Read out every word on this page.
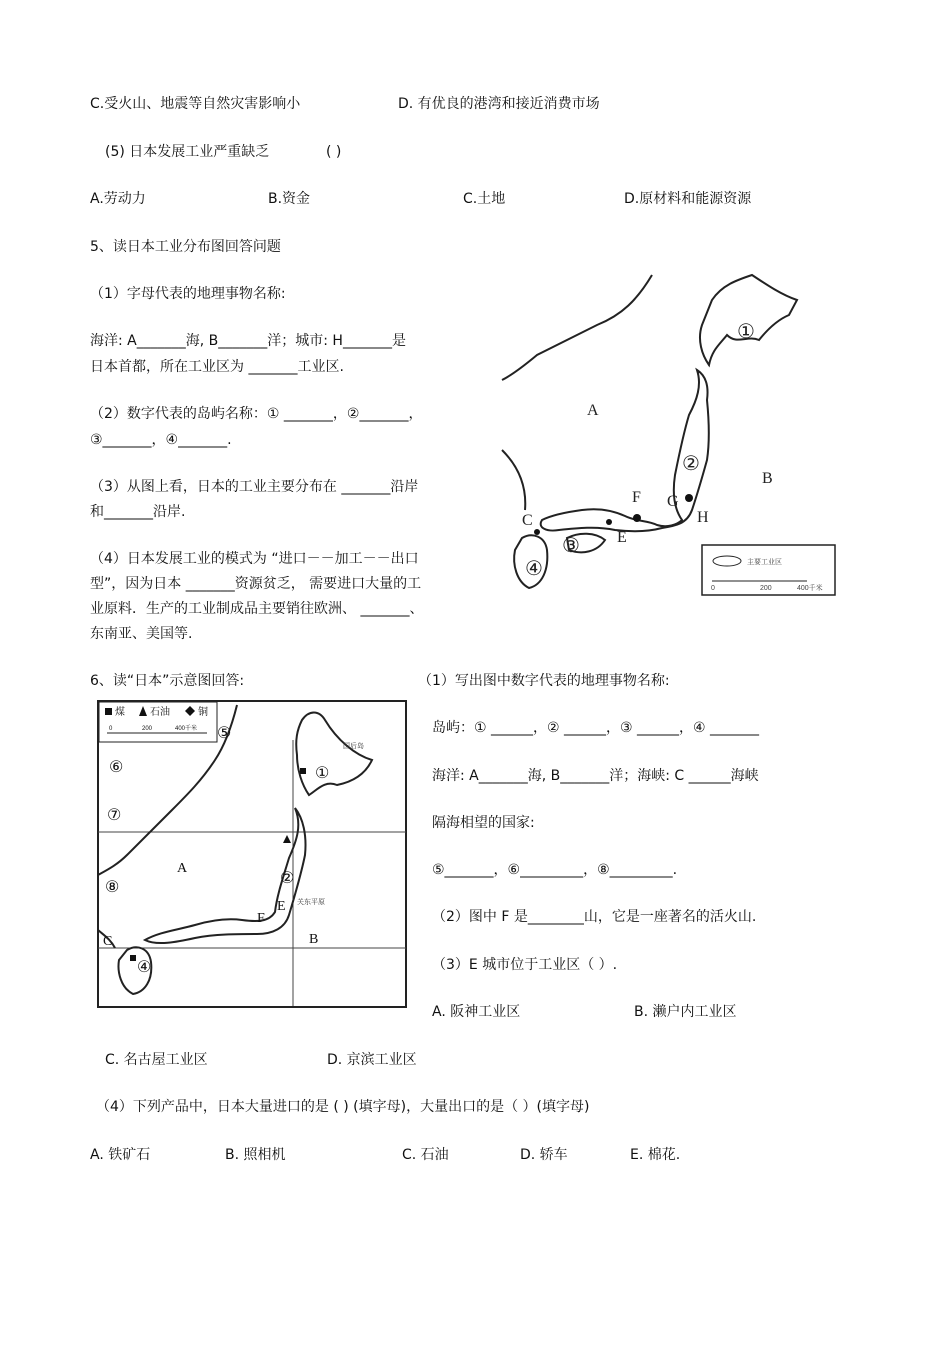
C.受火山、地震等自然灾害影响小	D. 有优良的港湾和接近消费市场
(5) 日本发展工业严重缺乏	( )
A.劳动力	B.资金	C.土地	D.原材料和能源资源
5、读日本工业分布图回答问题
（1）字母代表的地理事物名称:
海洋: A_______海, B_______洋；城市: H_______是
日本首都，所在工业区为 _______工业区.
（2）数字代表的岛屿名称：① _______，②_______，
③_______，④_______.
（3）从图上看，日本的工业主要分布在 _______沿岸
和_______沿岸.
（4）日本发展工业的模式为 “进口－－加工－－出口
型”，因为日本 _______资源贫乏， 需要进口大量的工
业原料．生产的工业制成品主要销往欧洲、 _______、
东南亚、美国等.
A
B
C
E
F G
H
①
②
③
④	主要工业区
0	200	400千米
6、读“日本”示意图回答:	（1）写出图中数字代表的地理事物名称:
岛屿：① ______，② ______，③ ______，④ _______
海洋: A_______海, B_______洋；海峡: C ______海峡
隔海相望的国家:
⑤_______，⑥_________，⑧_________.
（2）图中 F 是________山，它是一座著名的活火山.
（3）E 城市位于工业区（ ）.
A. 阪神工业区	B. 濑户内工业区
C. 名古屋工业区	D. 京滨工业区
（4）下列产品中，日本大量进口的是 ( ) (填字母)，大量出口的是（ ）(填字母)
A. 铁矿石	B. 照相机	C. 石油	D. 轿车	E. 棉花.
煤	石油	铜
0	200	400千米
A
B
C
E
F
①
②
④
⑤
⑥
⑦
⑧
国后岛
关东平原
